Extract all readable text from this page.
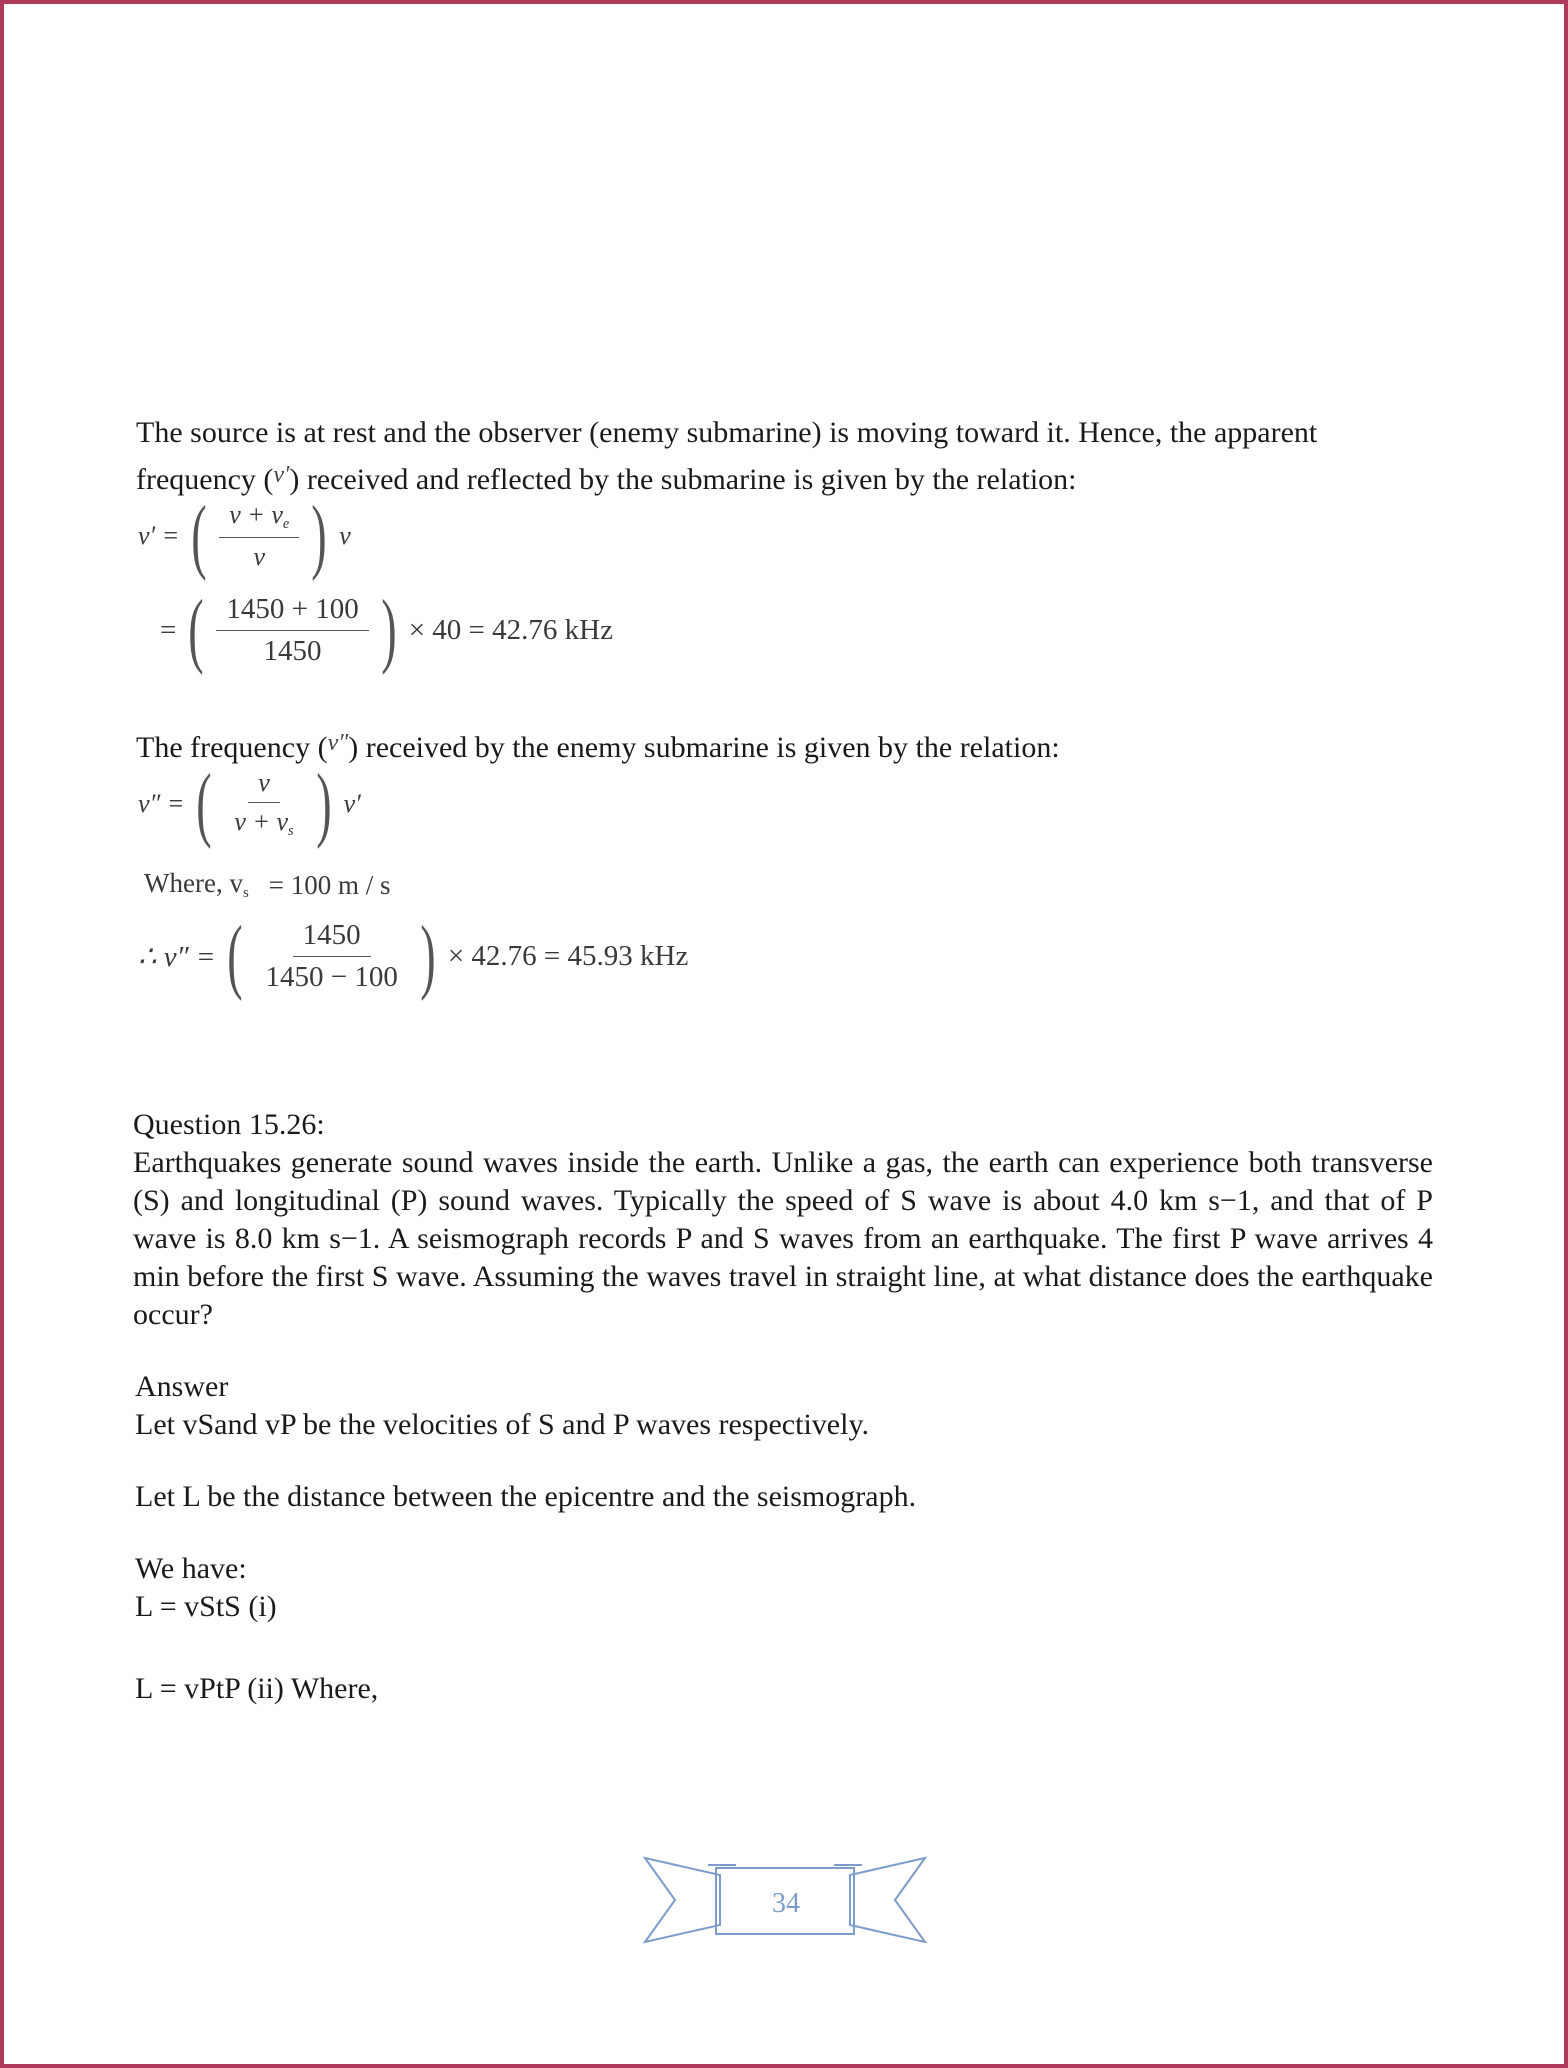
The source is at rest and the observer (enemy submarine) is moving toward it. Hence, the apparent

frequency ($^{\nu'}$) received and reflected by the submarine is given by the relation:

ν′ = ( $\frac{v + ve}{v}$ ) ν
= ( $\frac{1450 + 100}{1450}$ ) × 40 = 42.76 kHz

The frequency ($^{\nu''}$) received by the enemy submarine is given by the relation:

ν″ = ( $\frac{v}{v + vs}$ ) ν′
Where, vs = 100 m / s
∴ ν″ = ( $\frac{1450}{1450 - 100}$ ) × 42.76 = 45.93 kHz

Question 15.26:

Earthquakes generate sound waves inside the earth. Unlike a gas, the earth can experience both transverse (S) and longitudinal (P) sound waves. Typically the speed of S wave is about 4.0 km s−1, and that of P wave is 8.0 km s−1. A seismograph records P and S waves from an earthquake. The first P wave arrives 4 min before the first S wave. Assuming the waves travel in straight line, at what distance does the earthquake occur?

Answer

Let vSand vP be the velocities of S and P waves respectively.

Let L be the distance between the epicentre and the seismograph.

We have:

L = vStS (i)

L = vPtP (ii) Where,

34
